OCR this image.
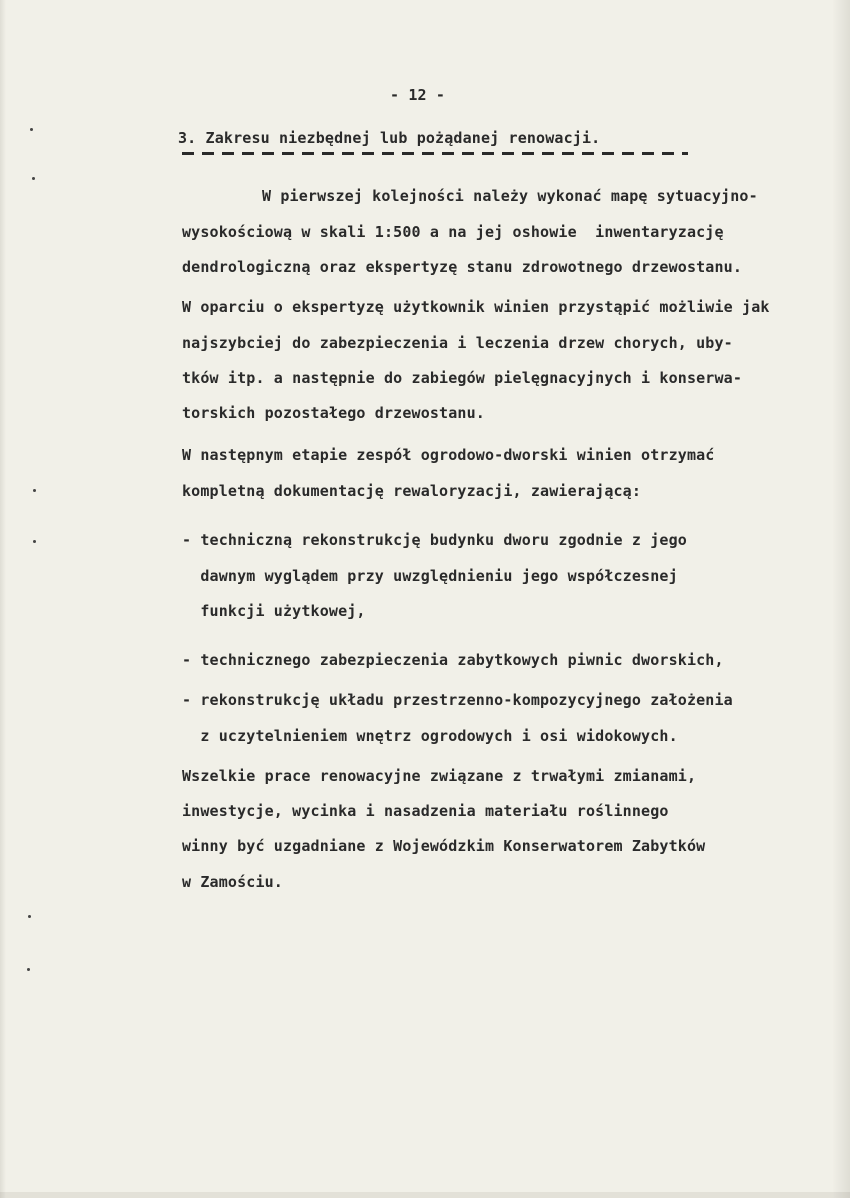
- 12 -
3. Zakresu niezbędnej lub pożądanej renowacji.
W pierwszej kolejności należy wykonać mapę sytuacyjno-
wysokościową w skali 1:500 a na jej oshowie  inwentaryzację
dendrologiczną oraz ekspertyzę stanu zdrowotnego drzewostanu.
W oparciu o ekspertyzę użytkownik winien przystąpić możliwie jak
najszybciej do zabezpieczenia i leczenia drzew chorych, uby-
tków itp. a następnie do zabiegów pielęgnacyjnych i konserwa-
torskich pozostałego drzewostanu.
W następnym etapie zespół ogrodowo-dworski winien otrzymać
kompletną dokumentację rewaloryzacji, zawierającą:
- techniczną rekonstrukcję budynku dworu zgodnie z jego
dawnym wyglądem przy uwzględnieniu jego współczesnej
funkcji użytkowej,
- technicznego zabezpieczenia zabytkowych piwnic dworskich,
- rekonstrukcję układu przestrzenno-kompozycyjnego założenia
z uczytelnieniem wnętrz ogrodowych i osi widokowych.
Wszelkie prace renowacyjne związane z trwałymi zmianami,
inwestycje, wycinka i nasadzenia materiału roślinnego
winny być uzgadniane z Wojewódzkim Konserwatorem Zabytków
w Zamościu.
